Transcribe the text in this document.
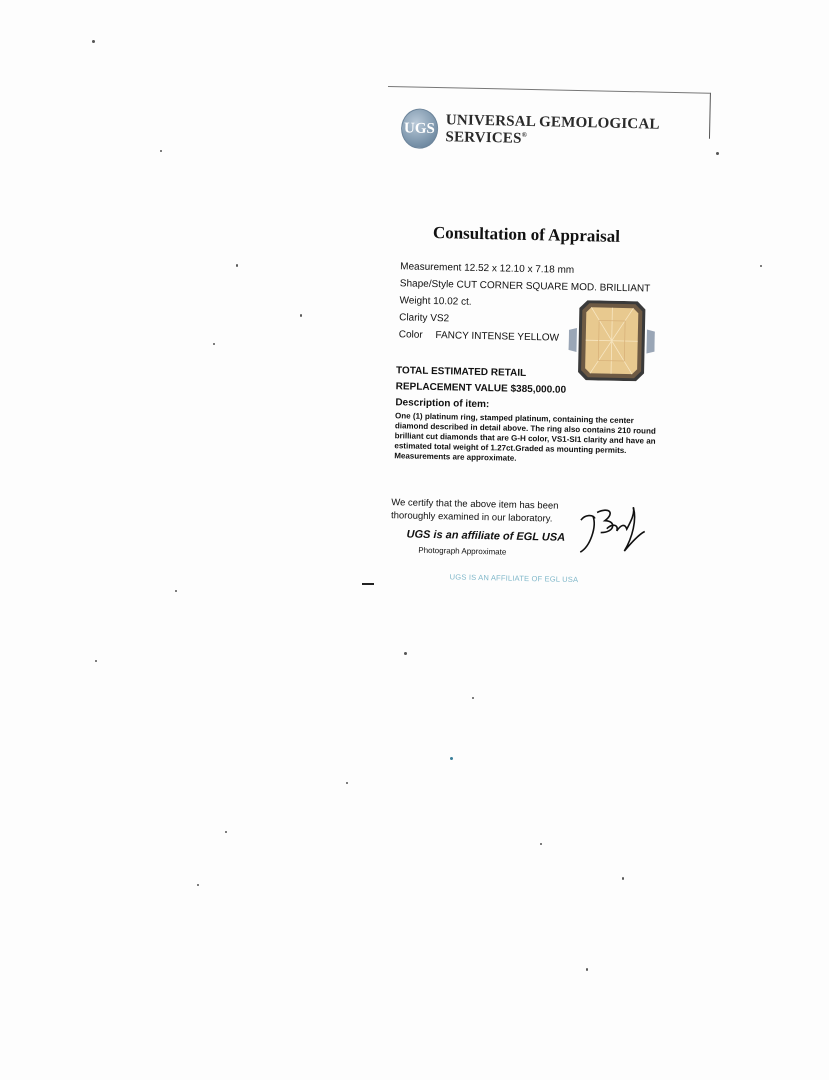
UGS UNIVERSAL GEMOLOGICAL SERVICES®
Consultation of Appraisal
Measurement 12.52 x 12.10 x 7.18 mm
Shape/Style CUT CORNER SQUARE MOD. BRILLIANT
Weight 10.02 ct.
Clarity VS2
Color FANCY INTENSE YELLOW
TOTAL ESTIMATED RETAIL
REPLACEMENT VALUE $385,000.00
Description of item:
One (1) platinum ring, stamped platinum, containing the center diamond described in detail above. The ring also contains 210 round brilliant cut diamonds that are G-H color, VS1-SI1 clarity and have an estimated total weight of 1.27ct.Graded as mounting permits. Measurements are approximate.
We certify that the above item has been thoroughly examined in our laboratory.
UGS is an affiliate of EGL USA
Photograph Approximate
UGS IS AN AFFILIATE OF EGL USA
